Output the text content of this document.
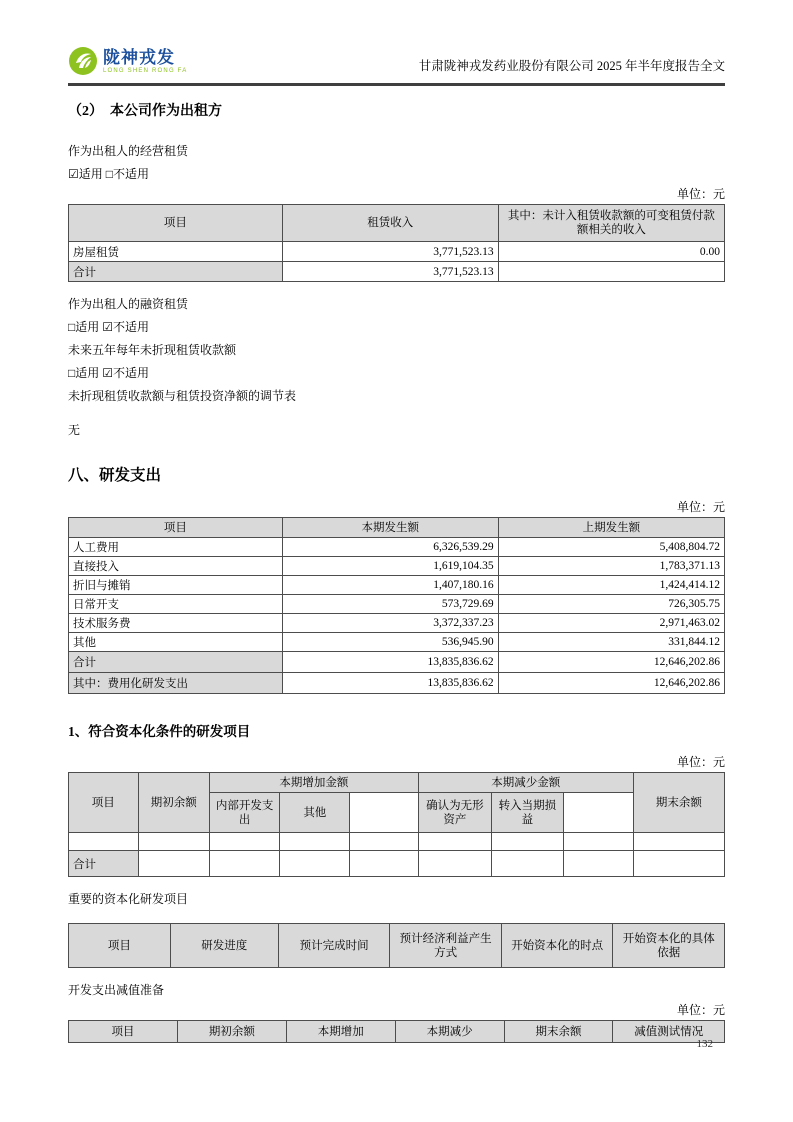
陇神戎发
LONG SHEN RONG FA	甘肃陇神戎发药业股份有限公司 2025 年半年度报告全文
（2）　本公司作为出租方
作为出租人的经营租赁
☑适用 □不适用
单位：元
项目	租赁收入	其中：未计入租赁收款额的可变租赁付款额相关的收入
房屋租赁	3,771,523.13	0.00
合计	3,771,523.13	
作为出租人的融资租赁
□适用 ☑不适用
未来五年每年未折现租赁收款额
□适用 ☑不适用
未折现租赁收款额与租赁投资净额的调节表
无
八、研发支出
单位：元
项目	本期发生额	上期发生额
人工费用	6,326,539.29	5,408,804.72
直接投入	1,619,104.35	1,783,371.13
折旧与摊销	1,407,180.16	1,424,414.12
日常开支	573,729.69	726,305.75
技术服务费	3,372,337.23	2,971,463.02
其他	536,945.90	331,844.12
合计	13,835,836.62	12,646,202.86
其中：费用化研发支出	13,835,836.62	12,646,202.86
1、符合资本化条件的研发项目
单位：元
项目	期初余额	本期增加金额			本期减少金额			期末余额
		内部开发支出	其他		确认为无形资产	转入当期损益		

合计								
重要的资本化研发项目
项目	研发进度	预计完成时间	预计经济利益产生方式	开始资本化的时点	开始资本化的具体依据
开发支出减值准备
单位：元
项目	期初余额	本期增加	本期减少	期末余额	减值测试情况
132
